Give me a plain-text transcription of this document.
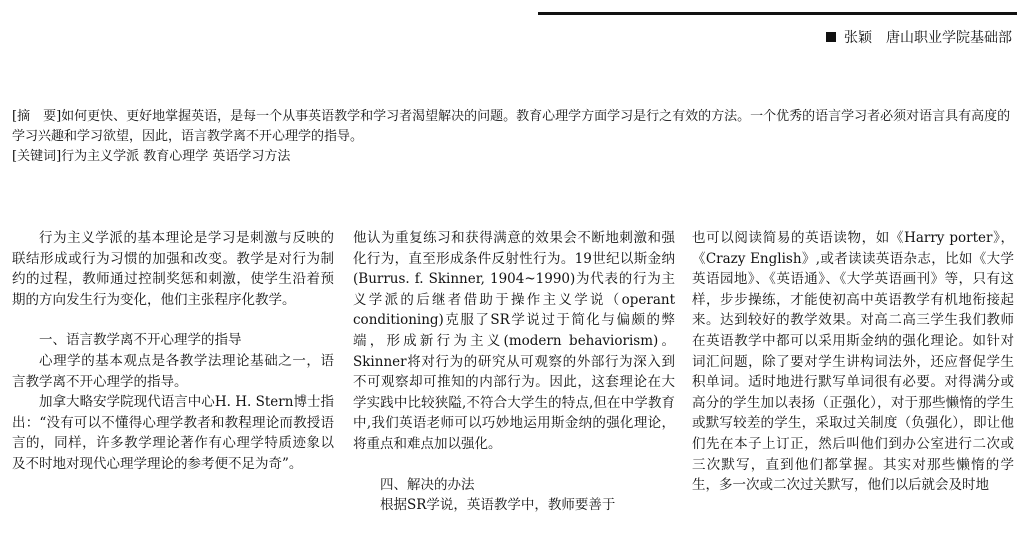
张颖　唐山职业学院基础部

[摘　要]如何更快、更好地掌握英语，是每一个从事英语教学和学习者渴望解决的问题。教育心理学方面学习是行之有效的方法。一个优秀的语言学习者必须对语言具有高度的学习兴趣和学习欲望，因此，语言教学离不开心理学的指导。

[关键词]行为主义学派 教育心理学 英语学习方法

行为主义学派的基本理论是学习是刺激与反映的联结形成或行为习惯的加强和改变。教学是对行为制约的过程，教师通过控制奖惩和刺激，使学生沿着预期的方向发生行为变化，他们主张程序化教学。

一、语言教学离不开心理学的指导

心理学的基本观点是各教学法理论基础之一，语言教学离不开心理学的指导。

加拿大略安学院现代语言中心H. H. Stern博士指出：“没有可以不懂得心理学教者和教程理论而教授语言的，同样，许多教学理论著作有心理学特质迹象以及不时地对现代心理学理论的参考便不足为奇”。

他认为重复练习和获得满意的效果会不断地刺激和强化行为，直至形成条件反射性行为。19世纪以斯金纳(Burrus. f. Skinner, 1904~1990)为代表的行为主义学派的后继者借助于操作主义学说（operant conditioning)克服了SR学说过于简化与偏颇的弊端，形成新行为主义(modern behaviorism)。Skinner将对行为的研究从可观察的外部行为深入到不可观察却可推知的内部行为。因此，这套理论在大学实践中比较狭隘,不符合大学生的特点,但在中学教育中,我们英语老师可以巧妙地运用斯金纳的强化理论，将重点和难点加以强化。

四、解决的办法

根据SR学说，英语教学中，教师要善于

也可以阅读简易的英语读物，如《Harry porter》，《Crazy English》,或者读读英语杂志，比如《大学英语园地》、《英语通》、《大学英语画刊》等，只有这样，步步操练，才能使初高中英语教学有机地衔接起来。达到较好的教学效果。对高二高三学生我们教师在英语教学中都可以采用斯金纳的强化理论。如针对词汇问题，除了要对学生讲构词法外，还应督促学生积单词。适时地进行默写单词很有必要。对得满分或高分的学生加以表扬（正强化），对于那些懒惰的学生或默写较差的学生，采取过关制度（负强化），即让他们先在本子上订正，然后叫他们到办公室进行二次或三次默写，直到他们都掌握。其实对那些懒惰的学生，多一次或二次过关默写，他们以后就会及时地
